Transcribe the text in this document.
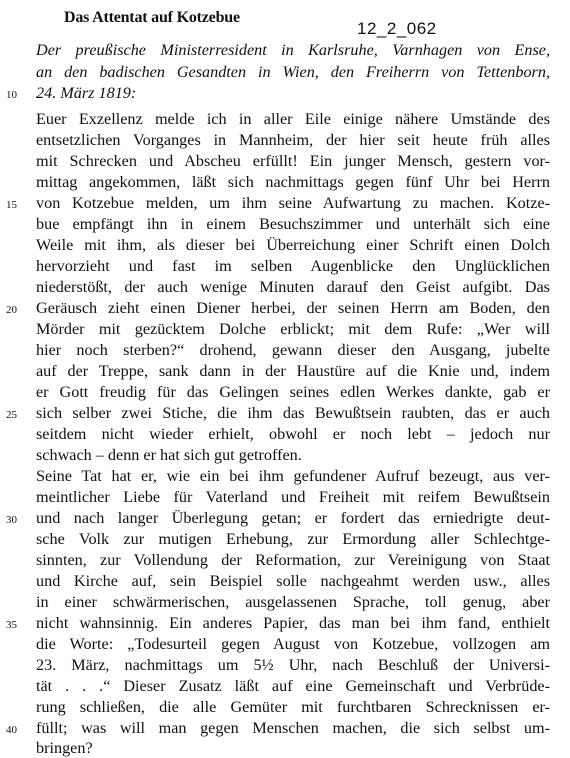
Das Attentat auf Kotzebue
12_2_062
Der preußische Ministerresident in Karlsruhe, Varnhagen von Ense,
an den badischen Gesandten in Wien, den Freiherrn von Tettenborn,
24. März 1819:
Euer Exzellenz melde ich in aller Eile einige nähere Umstände des
entsetzlichen Vorganges in Mannheim, der hier seit heute früh alles
mit Schrecken und Abscheu erfüllt! Ein junger Mensch, gestern vor-
mittag angekommen, läßt sich nachmittags gegen fünf Uhr bei Herrn
von Kotzebue melden, um ihm seine Aufwartung zu machen. Kotze-
bue empfängt ihn in einem Besuchszimmer und unterhält sich eine
Weile mit ihm, als dieser bei Überreichung einer Schrift einen Dolch
hervorzieht und fast im selben Augenblicke den Unglücklichen
niederstößt, der auch wenige Minuten darauf den Geist aufgibt. Das
Geräusch zieht einen Diener herbei, der seinen Herrn am Boden, den
Mörder mit gezücktem Dolche erblickt; mit dem Rufe: „Wer will
hier noch sterben?“ drohend, gewann dieser den Ausgang, jubelte
auf der Treppe, sank dann in der Haustüre auf die Knie und, indem
er Gott freudig für das Gelingen seines edlen Werkes dankte, gab er
sich selber zwei Stiche, die ihm das Bewußtsein raubten, das er auch
seitdem nicht wieder erhielt, obwohl er noch lebt – jedoch nur
schwach – denn er hat sich gut getroffen.
Seine Tat hat er, wie ein bei ihm gefundener Aufruf bezeugt, aus ver-
meintlicher Liebe für Vaterland und Freiheit mit reifem Bewußtsein
und nach langer Überlegung getan; er fordert das erniedrigte deut-
sche Volk zur mutigen Erhebung, zur Ermordung aller Schlechtge-
sinnten, zur Vollendung der Reformation, zur Vereinigung von Staat
und Kirche auf, sein Beispiel solle nachgeahmt werden usw., alles
in einer schwärmerischen, ausgelassenen Sprache, toll genug, aber
nicht wahnsinnig. Ein anderes Papier, das man bei ihm fand, enthielt
die Worte: „Todesurteil gegen August von Kotzebue, vollzogen am
23. März, nachmittags um 5½ Uhr, nach Beschluß der Universi-
tät . . .“ Dieser Zusatz läßt auf eine Gemeinschaft und Verbrüde-
rung schließen, die alle Gemüter mit furchtbaren Schrecknissen er-
füllt; was will man gegen Menschen machen, die sich selbst um-
bringen?
10
15
20
25
30
35
40
